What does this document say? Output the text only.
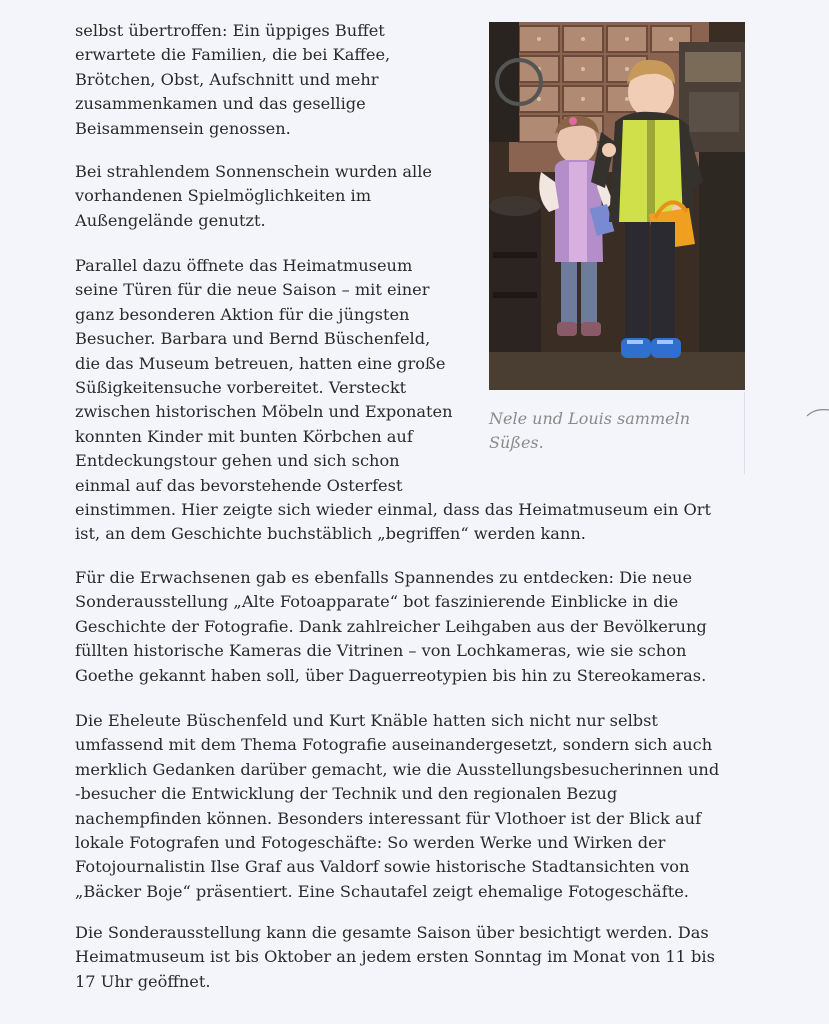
selbst übertroffen: Ein üppiges Buffet
erwartete die Familien, die bei Kaffee,
Brötchen, Obst, Aufschnitt und mehr
zusammenkamen und das gesellige
Beisammensein genossen.

Bei strahlendem Sonnenschein wurden alle
vorhandenen Spielmöglichkeiten im
Außengelände genutzt.

Parallel dazu öffnete das Heimatmuseum
seine Türen für die neue Saison – mit einer
ganz besonderen Aktion für die jüngsten
Besucher. Barbara und Bernd Büschenfeld,
die das Museum betreuen, hatten eine große
Süßigkeitensuche vorbereitet. Versteckt
zwischen historischen Möbeln und Exponaten
konnten Kinder mit bunten Körbchen auf
Entdeckungstour gehen und sich schon
einmal auf das bevorstehende Osterfest
einstimmen. Hier zeigte sich wieder einmal, dass das Heimatmuseum ein Ort
ist, an dem Geschichte buchstäblich „begriffen“ werden kann.

Für die Erwachsenen gab es ebenfalls Spannendes zu entdecken: Die neue
Sonderausstellung „Alte Fotoapparate“ bot faszinierende Einblicke in die
Geschichte der Fotografie. Dank zahlreicher Leihgaben aus der Bevölkerung
füllten historische Kameras die Vitrinen – von Lochkameras, wie sie schon
Goethe gekannt haben soll, über Daguerreotypien bis hin zu Stereokameras.

Die Eheleute Büschenfeld und Kurt Knäble hatten sich nicht nur selbst
umfassend mit dem Thema Fotografie auseinandergesetzt, sondern sich auch
merklich Gedanken darüber gemacht, wie die Ausstellungsbesucherinnen und
-besucher die Entwicklung der Technik und den regionalen Bezug
nachempfinden können. Besonders interessant für Vlothoer ist der Blick auf
lokale Fotografen und Fotogeschäfte: So werden Werke und Wirken der
Fotojournalistin Ilse Graf aus Valdorf sowie historische Stadtansichten von
„Bäcker Boje“ präsentiert. Eine Schautafel zeigt ehemalige Fotogeschäfte.

Die Sonderausstellung kann die gesamte Saison über besichtigt werden. Das
Heimatmuseum ist bis Oktober an jedem ersten Sonntag im Monat von 11 bis
17 Uhr geöffnet.

Nele und Louis sammeln
Süßes.
